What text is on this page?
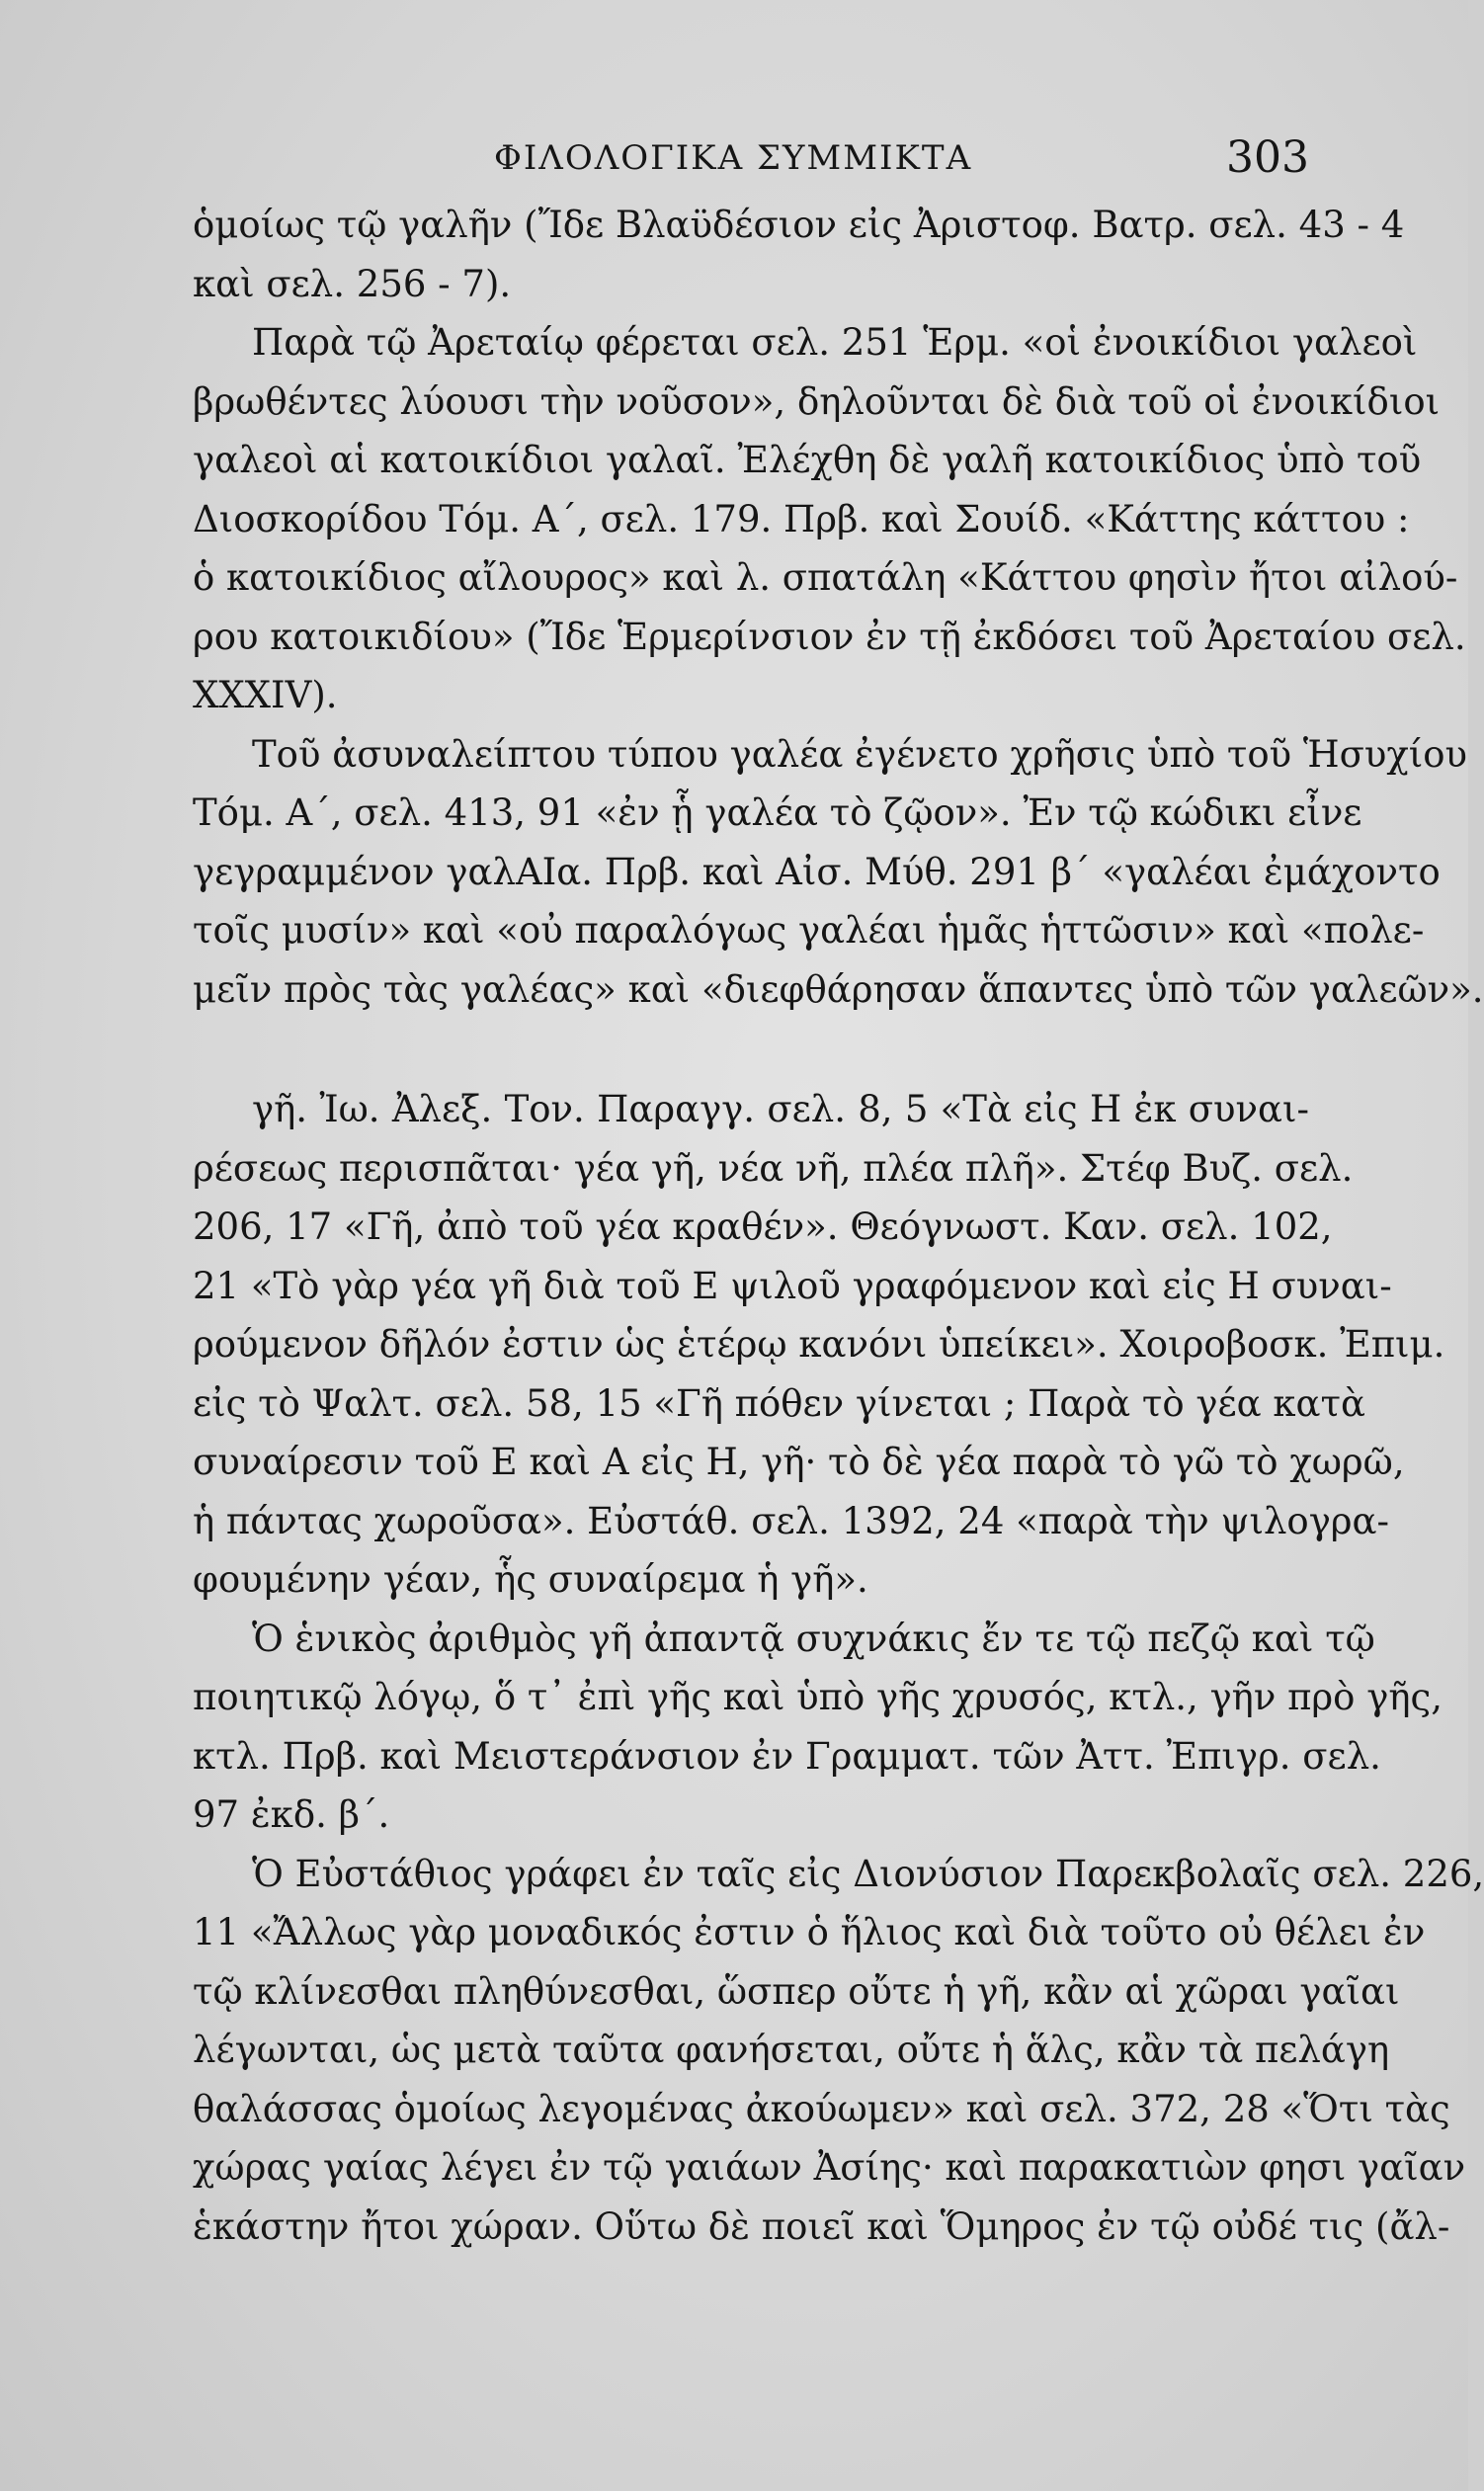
ΦΙΛΟΛΟΓΙΚΑ ΣΥΜΜΙΚΤΑ	303
ὁμοίως τῷ γαλῆν (Ἴδε Βλαϋδέσιον εἰς Ἀριστοφ. Βατρ. σελ. 43 - 4
καὶ σελ. 256 - 7).
Παρὰ τῷ Ἀρεταίῳ φέρεται σελ. 251 Ἑρμ. «οἱ ἐνοικίδιοι γαλεοὶ
βρωθέντες λύουσι τὴν νοῦσον», δηλοῦνται δὲ διὰ τοῦ οἱ ἐνοικίδιοι
γαλεοὶ αἱ κατοικίδιοι γαλαῖ. Ἐλέχθη δὲ γαλῆ κατοικίδιος ὑπὸ τοῦ
Διοσκορίδου Τόμ. Α΄, σελ. 179. Πρβ. καὶ Σουίδ. «Κάττης κάττου :
ὁ κατοικίδιος αἴλουρος» καὶ λ. σπατάλη «Κάττου φησὶν ἤτοι αἰλού-
ρου κατοικιδίου» (Ἴδε Ἑρμερίνσιον ἐν τῇ ἐκδόσει τοῦ Ἀρεταίου σελ.
XXXIV).
Τοῦ ἀσυναλείπτου τύπου γαλέα ἐγένετο χρῆσις ὑπὸ τοῦ Ἡσυχίου
Τόμ. Α΄, σελ. 413, 91 «ἐν ᾗ γαλέα τὸ ζῷον». Ἐν τῷ κώδικι εἶνε
γεγραμμένον γαλΑΙα. Πρβ. καὶ Αἰσ. Μύθ. 291 β΄ «γαλέαι ἐμάχοντο
τοῖς μυσίν» καὶ «οὐ παραλόγως γαλέαι ἡμᾶς ἡττῶσιν» καὶ «πολε-
μεῖν πρὸς τὰς γαλέας» καὶ «διεφθάρησαν ἅπαντες ὑπὸ τῶν γαλεῶν».
γῆ. Ἰω. Ἀλεξ. Τον. Παραγγ. σελ. 8, 5 «Τὰ εἰς Η ἐκ συναι-
ρέσεως περισπᾶται· γέα γῆ, νέα νῆ, πλέα πλῆ». Στέφ Βυζ. σελ.
206, 17 «Γῆ, ἀπὸ τοῦ γέα κραθέν». Θεόγνωστ. Καν. σελ. 102,
21 «Τὸ γὰρ γέα γῆ διὰ τοῦ Ε ψιλοῦ γραφόμενον καὶ εἰς Η συναι-
ρούμενον δῆλόν ἐστιν ὡς ἑτέρῳ κανόνι ὑπείκει». Χοιροβοσκ. Ἐπιμ.
εἰς τὸ Ψαλτ. σελ. 58, 15 «Γῆ πόθεν γίνεται ; Παρὰ τὸ γέα κατὰ
συναίρεσιν τοῦ Ε καὶ Α εἰς Η, γῆ· τὸ δὲ γέα παρὰ τὸ γῶ τὸ χωρῶ,
ἡ πάντας χωροῦσα». Εὐστάθ. σελ. 1392, 24 «παρὰ τὴν ψιλογρα-
φουμένην γέαν, ἧς συναίρεμα ἡ γῆ».
Ὁ ἑνικὸς ἀριθμὸς γῆ ἀπαντᾷ συχνάκις ἔν τε τῷ πεζῷ καὶ τῷ
ποιητικῷ λόγῳ, ὅ τ᾽ ἐπὶ γῆς καὶ ὑπὸ γῆς χρυσός, κτλ., γῆν πρὸ γῆς,
κτλ. Πρβ. καὶ Μειστεράνσιον ἐν Γραμματ. τῶν Ἀττ. Ἐπιγρ. σελ.
97 ἐκδ. β΄.
Ὁ Εὐστάθιος γράφει ἐν ταῖς εἰς Διονύσιον Παρεκβολαῖς σελ. 226,
11 «Ἄλλως γὰρ μοναδικός ἐστιν ὁ ἥλιος καὶ διὰ τοῦτο οὐ θέλει ἐν
τῷ κλίνεσθαι πληθύνεσθαι, ὥσπερ οὔτε ἡ γῆ, κἂν αἱ χῶραι γαῖαι
λέγωνται, ὡς μετὰ ταῦτα φανήσεται, οὔτε ἡ ἅλς, κἂν τὰ πελάγη
θαλάσσας ὁμοίως λεγομένας ἀκούωμεν» καὶ σελ. 372, 28 «Ὅτι τὰς
χώρας γαίας λέγει ἐν τῷ γαιάων Ἀσίης· καὶ παρακατιὼν φησι γαῖαν
ἑκάστην ἤτοι χώραν. Οὕτω δὲ ποιεῖ καὶ Ὅμηρος ἐν τῷ οὐδέ τις (ἄλ-
